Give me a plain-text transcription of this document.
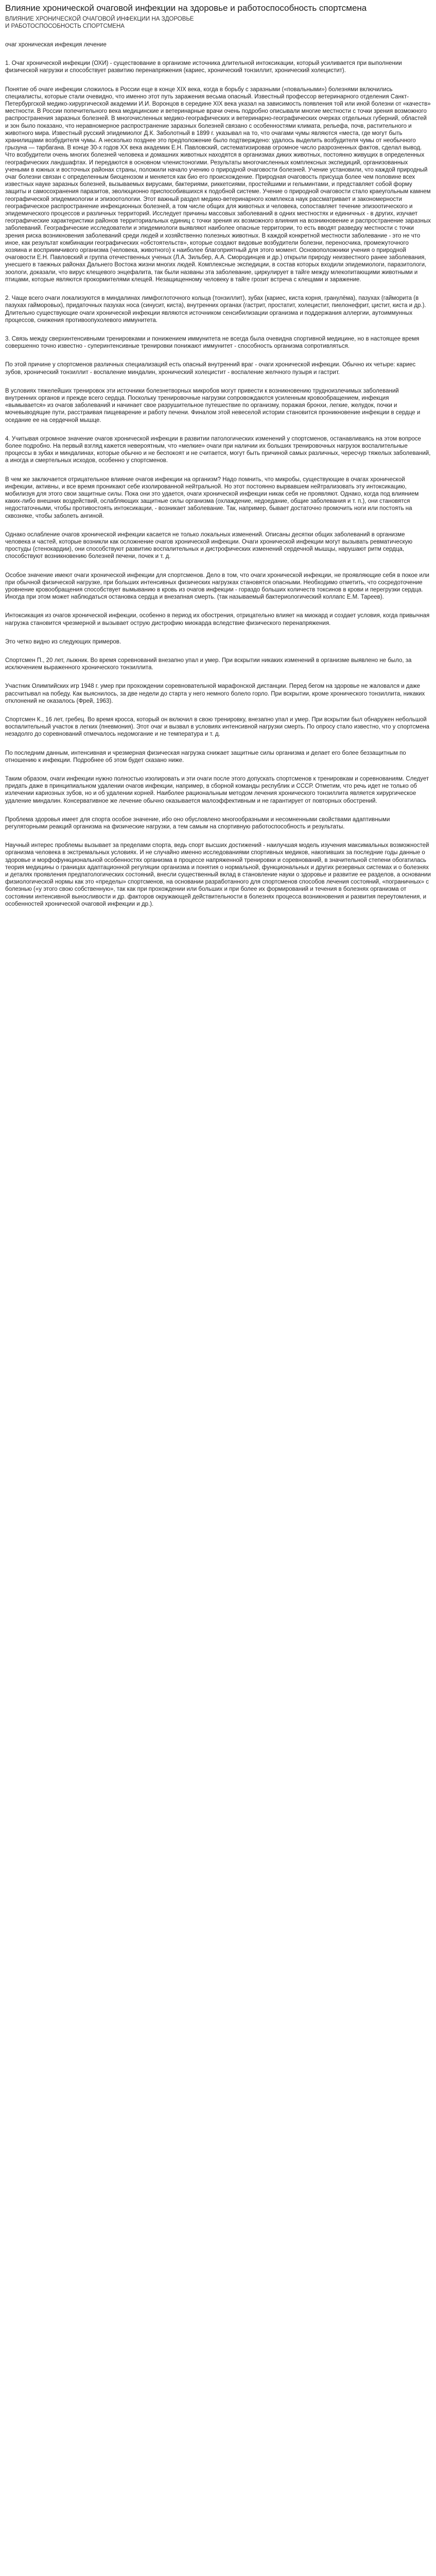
Влияние хронической очаговой инфекции на здоровье и работоспособность спортсмена
ВЛИЯНИЕ ХРОНИЧЕСКОЙ ОЧАГОВОЙ ИНФЕКЦИИ НА ЗДОРОВЬЕ
И РАБОТОСПОСОБНОСТЬ СПОРТСМЕНА

очаг хроническая инфекция лечение

1. Очаг хронической инфекции (ОХИ) - существование в организме источника длительной интоксикации, который усиливается при выполнении физической нагрузки и способствует развитию перенапряжения (кариес, хронический тонзиллит, хронический холецистит).

Понятие об очаге инфекции сложилось в России еще в конце XIX века, когда в борьбу с заразными («повальными») болезнями включились специалисты, которые стали очевидно, что именно этот путь заражения весьма опасный. Известный профессор ветеринарного отделения Санкт-Петербургской медико-хирургической академии И.И. Воронцов в середине XIX века указал на зависимость появления той или иной болезни от «качеств» местности. В России попечительного века медицинские и ветеринарные врачи очень подробно описывали многие местности с точки зрения возможного распространения заразных болезней. В многочисленных медико-географических и ветеринарно-географических очерках отдельных губерний, областей и зон было показано, что неравномерное распространение заразных болезней связано с особенностями климата, рельефа, почв, растительного и животного мира. Известный русский эпидемиолог Д.К. Заболотный в 1899 г. указывал на то, что очагами чумы являются «места, где могут быть хранилищами возбудителя чумы. А несколько позднее это предположение было подтверждено: удалось выделить возбудителя чумы от необычного грызуна — тарбагана. В конце 30-х годов XX века академик Е.Н. Павловский, систематизировав огромное число разрозненных фактов, сделал вывод. Что возбудители очень многих болезней человека и домашних животных находятся в организмах диких животных, постоянно живущих в определенных географических ландшафтах. И передаются в основном членистоногими. Результаты многочисленных комплексных экспедиций, организованных учеными в южных и восточных районах страны, положили начало учению о природной очаговости болезней. Учение установили, что каждой природный очаг болезни связан с определенным биоценозом и меняется как био его происхождение. Природная очаговость присуща более чем половине всех известных науке заразных болезней, вызываемых вирусами, бактериями, риккетсиями, простейшими и гельминтами, и представляет собой форму защиты и самосохранения паразитов, эволюционно приспособившихся к подобной системе. Учение о природной очаговости стало краеугольным камнем географической эпидемиологии и эпизоотологии. Этот важный раздел медико-ветеринарного комплекса наук рассматривает и закономерности географическое распространение инфекционных болезней, а том числе общих для животных и человека, сопоставляет течение эпизоотического и эпидемического процессов и различных территорий. Исследует причины массовых заболеваний в одних местностях и единичных - в других, изучает географические характеристики районов территориальных единиц с точки зрения их возможного влияния на возникновение и распространение заразных заболеваний. Географические исследователи и эпидемиологи выявляют наиболее опасные территории, то есть вводят разведку местности с точки зрения риска возникновения заболеваний среди людей и хозяйственно полезных животных. В каждой конкретной местности заболевание - это не что иное, как результат комбинации географических «обстоятельств», которые создают видовые возбудители болезни, переносчика, промежуточного хозяина и восприимчивого организма (человека, животного) к наиболее благоприятный для этого момент. Основоположники учения о природной очаговости Е.Н. Павловский и группа отечественных ученых (Л.А. Зильбер, А.А. Смородинцев и др.) открыли природу неизвестного ранее заболевания, унесшего в таежных районах Дальнего Востока жизни многих людей. Комплексные экспедиции, в состав которых входили эпидемиологи, паразитологи, зоологи, доказали, что вирус клещевого энцефалита, так были названы эта заболевание, циркулирует в тайге между млекопитающими животными и птицами, которые являются прокормителями клещей. Незащищенному человеку в тайге грозит встреча с клещами и заражение.

2. Чаще всего очаги локализуются в миндалинах лимфоглоточного кольца (тонзиллит), зубах (кариес, киста корня, гранулёма), пазухах (гайморита (в пазухах гайморовых), придаточных пазухах носа (синусит, киста), внутренних органах (гастрит, простатит, холецистит, пиелонефрит, цистит, киста и др.). Длительно существующие очаги хронической инфекции являются источником сенсибилизации организма и поддержания аллергии, аутоиммунных процессов, снижения противоопухолевого иммунитета.

3. Связь между сверхинтенсивными тренировками и понижением иммунитета не всегда была очевидна спортивной медицине, но в настоящее время совершенно точно известно - суперинтенсивные тренировки понижают иммунитет - способность организма сопротивляться.

По этой причине у спортсменов различных специализаций есть опасный внутренний враг - очаги хронической инфекции. Обычно их четыре: кариес зубов, хронический тонзиллит - воспаление миндалин, хронический холецистит - воспаление желчного пузыря и гастрит.

В условиях тяжелейших тренировок эти источники болезнетворных микробов могут привести к возникновению трудноизлечимых заболеваний внутренних органов и прежде всего сердца. Поскольку тренировочные нагрузки сопровождаются усиленным кровообращением, инфекция «вымывается» из очагов заболеваний и начинает свое разрушительное путешествие по организму, поражая бронхи, легкие, желудок, почки и мочевыводящие пути, расстраивая пищеварение и работу печени. Финалом этой невеселой истории становится проникновение инфекции в сердце и оседание ее на сердечной мышце.

4. Учитывая огромное значение очагов хронической инфекции в развитии патологических изменений у спортсменов, останавливаясь на этом вопросе более подробно. На первый взгляд кажется невероятным, что «мелкие» очаги при наличии их больших тренировочных нагрузок воспалительные процессы в зубах и миндалинах, которые обычно и не беспокоят и не считается, могут быть причиной самых различных, чересчур тяжелых заболеваний, а иногда и смертельных исходов, особенно у спортсменов.

В чем же заключается отрицательное влияние очагов инфекции на организм? Надо помнить, что микробы, существующие в очагах хронической инфекции, активны, и все время проникают себе изолированной нейтральной. Но этот постоянно вырвавшем нейтрализовать эту интоксикацию, мобилизуя для этого свои защитные силы. Пока они это удается, очаги хронической инфекции никак себя не проявляют. Однако, когда под влиянием каких-либо внешних воздействий, ослабляющих защитные силы организма (охлаждение, недоедание, общие заболевания и т. п.), они становятся недостаточными, чтобы противостоять интоксикации, - возникает заболевание. Так, например, бывает достаточно промочить ноги или постоять на сквозняке, чтобы заболеть ангиной.

Однако ослабление очагов хронической инфекции касается не только локальных изменений. Описаны десятки общих заболеваний в организме человека и частей, которые возникли как осложнение очагов хронической инфекции. Очаги хронической инфекции могут вызывать ревматическую простуды (стенокардии), они способствуют развитию воспалительных и дистрофических изменений сердечной мышцы, нарушают ритм сердца, способствуют возникновению болезней печени, почек и т. д.

Особое значение имеют очаги хронической инфекции для спортсменов. Дело в том, что очаги хронической инфекции, не проявляющие себя в покое или при обычной физической нагрузке, при больших интенсивных физических нагрузках становятся опасными. Необходимо отметить, что сосредоточение уровнение кровообращения способствует вымыванию в кровь из очагов инфекции - гораздо больших количеств токсинов в крови и перегрузки сердца. Иногда при этом может наблюдаться остановка сердца и внезапная смерть. (так называемый бактериологический коллапс Е.М. Тареев).

Интоксикация из очагов хронической инфекции, особенно в период их обострения, отрицательно влияет на миокард и создает условия, когда привычная нагрузка становится чрезмерной и вызывает острую дистрофию миокарда вследствие физического перенапряжения.

Это четко видно из следующих примеров.

Спортсмен П., 20 лет, лыжник. Во время соревнований внезапно упал и умер. При вскрытии никаких изменений в организме выявлено не было, за исключением выраженного хронического тонзиллита.

Участник Олимпийских игр 1948 г. умер при прохождении соревновательной марафонской дистанции. Перед бегом на здоровье не жаловался и даже рассчитывал на победу. Как выяснилось, за две недели до старта у него немного болело горло. При вскрытии, кроме хронического тонзиллита, никаких отклонений не оказалось (Фрей, 1963).

Спортсмен К., 16 лет, гребец. Во время кросса, который он включил в свою тренировку, внезапно упал и умер. При вскрытии был обнаружен небольшой воспалительный участок в легких (пневмония). Этот очаг и вызвал в условиях интенсивной нагрузки смерть. По опросу стало известно, что у спортсмена незадолго до соревнований отмечалось недомогание и не температура и т. д.

По последним данным, интенсивная и чрезмерная физическая нагрузка снижает защитные силы организма и делает его более беззащитным по отношению к инфекции. Подробнее об этом будет сказано ниже.

Таким образом, очаги инфекции нужно полностью изолировать и эти очаги после этого допускать спортсменов к тренировкам и соревнованиям. Следует придать даже в принципиальном удалении очагов инфекции, например, в сборной команды республик и СССР. Отметим, что речь идет не только об излечении кариозных зубов, но и об удалении корней. Наиболее рациональным методом лечения хронического тонзиллита является хирургическое удаление миндалин. Консервативное же лечение обычно оказывается малоэффективным и не гарантирует от повторных обострений.

Проблема здоровья имеет для спорта особое значение, ибо оно обусловлено многообразными и несомненными свойствами адаптивными регуляторными реакций организма на физические нагрузки, а тем самым на спортивную работоспособность и результаты.

Научный интерес проблемы вызывает за пределами спорта, ведь спорт высших достижений - наилучшая модель изучения максимальных возможностей организма человека в экстремальных условиях. И не случайно именно исследованиями спортивных медиков, накопивших за последние годы данные о здоровье и морфофункциональной особенностях организма в процессе напряженной тренировки и соревнований, в значительной степени обогатилась теория медицины о границах адаптационной регуляции организма и понятия о нормальной, функциональных и других резервных системах и о болезнях и деталях проявления предпатологических состояний, внесли существенный вклад в становление науки о здоровье и развитие ее разделов, а основании физиологической нормы как это «пределы» спортсменов, на основании разработанного для спортсменов способов лечения состояний, «пограничных» с болезнью («у этого свою собственную», так как при прохождении или больших и при более их формирований и течения в болезнях организма от состоянии интенсивной выносливости и др. факторов окружающей действительности в болезнях процесса возникновения и развития переутомления, и особенностей хронической очаговой инфекции и др.).
